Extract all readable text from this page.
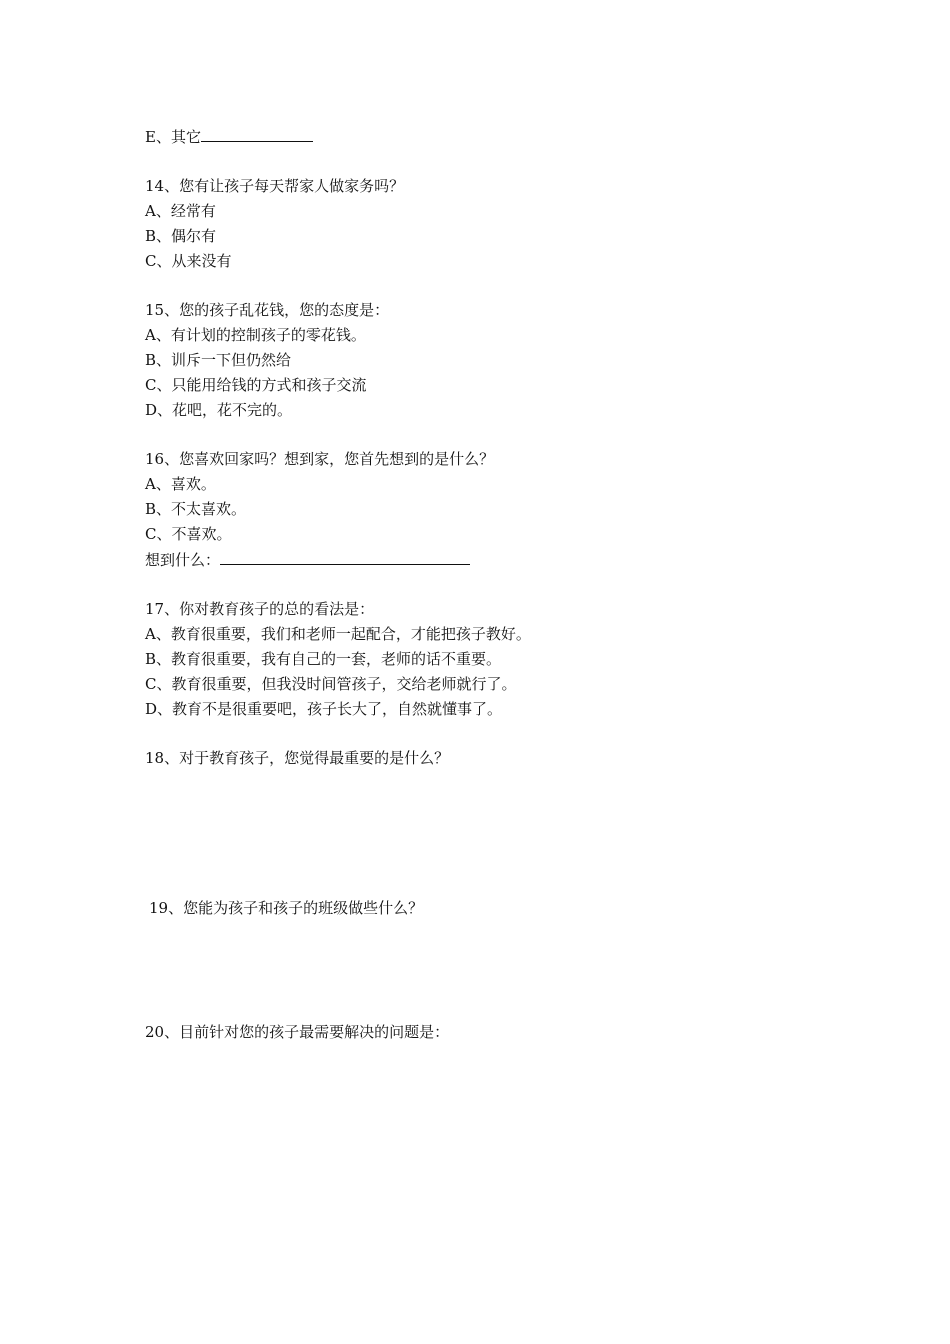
E、其它
14、您有让孩子每天帮家人做家务吗？
A、经常有
B、偶尔有
C、从来没有
15、您的孩子乱花钱，您的态度是：
A、有计划的控制孩子的零花钱。
B、训斥一下但仍然给
C、只能用给钱的方式和孩子交流
D、花吧，花不完的。
16、您喜欢回家吗？想到家，您首先想到的是什么？
A、喜欢。
B、不太喜欢。
C、不喜欢。
想到什么：
17、你对教育孩子的总的看法是：
A、教育很重要，我们和老师一起配合，才能把孩子教好。
B、教育很重要，我有自己的一套，老师的话不重要。
C、教育很重要，但我没时间管孩子，交给老师就行了。
D、教育不是很重要吧，孩子长大了，自然就懂事了。
18、对于教育孩子，您觉得最重要的是什么？
19、您能为孩子和孩子的班级做些什么？
20、目前针对您的孩子最需要解决的问题是：
